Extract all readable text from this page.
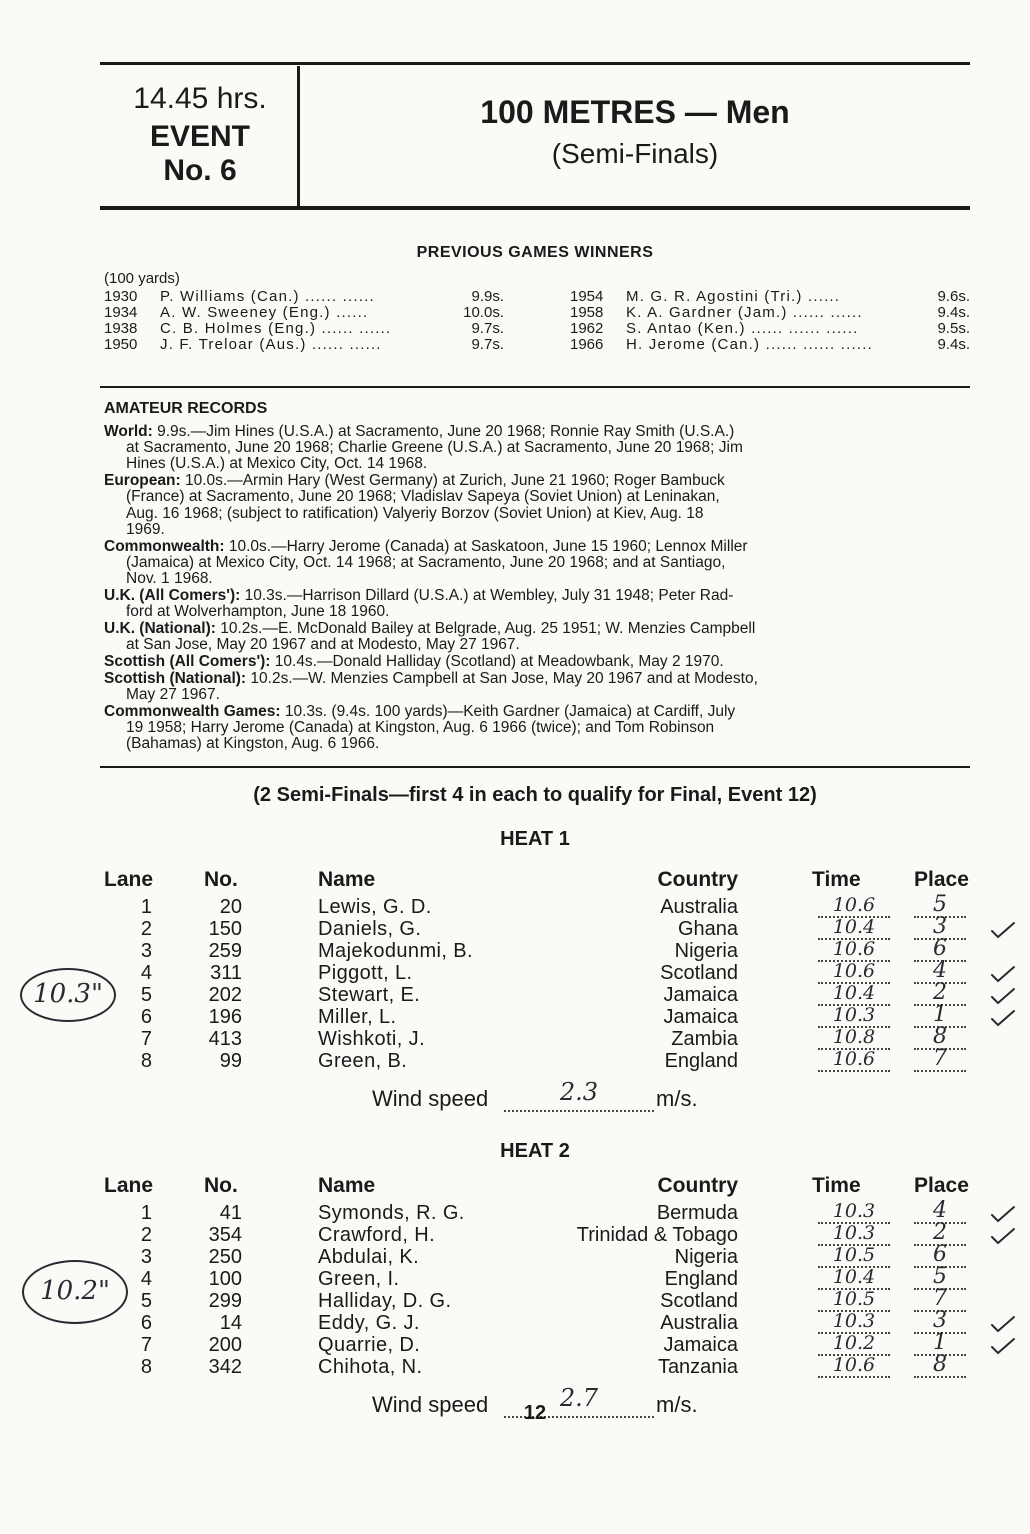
14.45 hrs.
EVENT
No. 6
100 METRES — Men
(Semi-Finals)
PREVIOUS GAMES WINNERS
(100 yards)
1930 P. Williams (Can.) ...... ......	9.9s.
1934 A. W. Sweeney (Eng.) ......	10.0s.
1938 C. B. Holmes (Eng.) ...... ......	9.7s.
1950 J. F. Treloar (Aus.) ...... ......	9.7s.
1954 M. G. R. Agostini (Tri.) ......	9.6s.
1958 K. A. Gardner (Jam.) ...... ......	9.4s.
1962 S. Antao (Ken.) ...... ...... ......	9.5s.
1966 H. Jerome (Can.) ...... ...... ......	9.4s.
AMATEUR RECORDS
World: 9.9s.—Jim Hines (U.S.A.) at Sacramento, June 20 1968; Ronnie Ray Smith (U.S.A.)
at Sacramento, June 20 1968; Charlie Greene (U.S.A.) at Sacramento, June 20 1968; Jim
Hines (U.S.A.) at Mexico City, Oct. 14 1968.
European: 10.0s.—Armin Hary (West Germany) at Zurich, June 21 1960; Roger Bambuck
(France) at Sacramento, June 20 1968; Vladislav Sapeya (Soviet Union) at Leninakan,
Aug. 16 1968; (subject to ratification) Valyeriy Borzov (Soviet Union) at Kiev, Aug. 18
1969.
Commonwealth: 10.0s.—Harry Jerome (Canada) at Saskatoon, June 15 1960; Lennox Miller
(Jamaica) at Mexico City, Oct. 14 1968; at Sacramento, June 20 1968; and at Santiago,
Nov. 1 1968.
U.K. (All Comers'): 10.3s.—Harrison Dillard (U.S.A.) at Wembley, July 31 1948; Peter Rad-
ford at Wolverhampton, June 18 1960.
U.K. (National): 10.2s.—E. McDonald Bailey at Belgrade, Aug. 25 1951; W. Menzies Campbell
at San Jose, May 20 1967 and at Modesto, May 27 1967.
Scottish (All Comers'): 10.4s.—Donald Halliday (Scotland) at Meadowbank, May 2 1970.
Scottish (National): 10.2s.—W. Menzies Campbell at San Jose, May 20 1967 and at Modesto,
May 27 1967.
Commonwealth Games: 10.3s. (9.4s. 100 yards)—Keith Gardner (Jamaica) at Cardiff, July
19 1958; Harry Jerome (Canada) at Kingston, Aug. 6 1966 (twice); and Tom Robinson
(Bahamas) at Kingston, Aug. 6 1966.
(2 Semi-Finals—first 4 in each to qualify for Final, Event 12)
HEAT 1
Lane No.	Name	Country	Time	Place
1	20	Lewis, G. D.	Australia	10.6	5
2	150	Daniels, G.	Ghana	10.4	3
3	259	Majekodunmi, B.	Nigeria	10.6	6
4	311	Piggott, L.	Scotland	10.6	4
5	202	Stewart, E.	Jamaica	10.4	2
6	196	Miller, L.	Jamaica	10.3	1
7	413	Wishkoti, J.	Zambia	10.8	8
8	99	Green, B.	England	10.6	7
10.3"
Wind speed	2.3	m/s.
HEAT 2
Lane No.	Name	Country	Time	Place
1	41	Symonds, R. G.	Bermuda	10.3	4
2	354	Crawford, H.	Trinidad & Tobago	10.3	2
3	250	Abdulai, K.	Nigeria	10.5	6
4	100	Green, I.	England	10.4	5
5	299	Halliday, D. G.	Scotland	10.5	7
6	14	Eddy, G. J.	Australia	10.3	3
7	200	Quarrie, D.	Jamaica	10.2	1
8	342	Chihota, N.	Tanzania	10.6	8
10.2"
Wind speed	2.7	m/s.
12
